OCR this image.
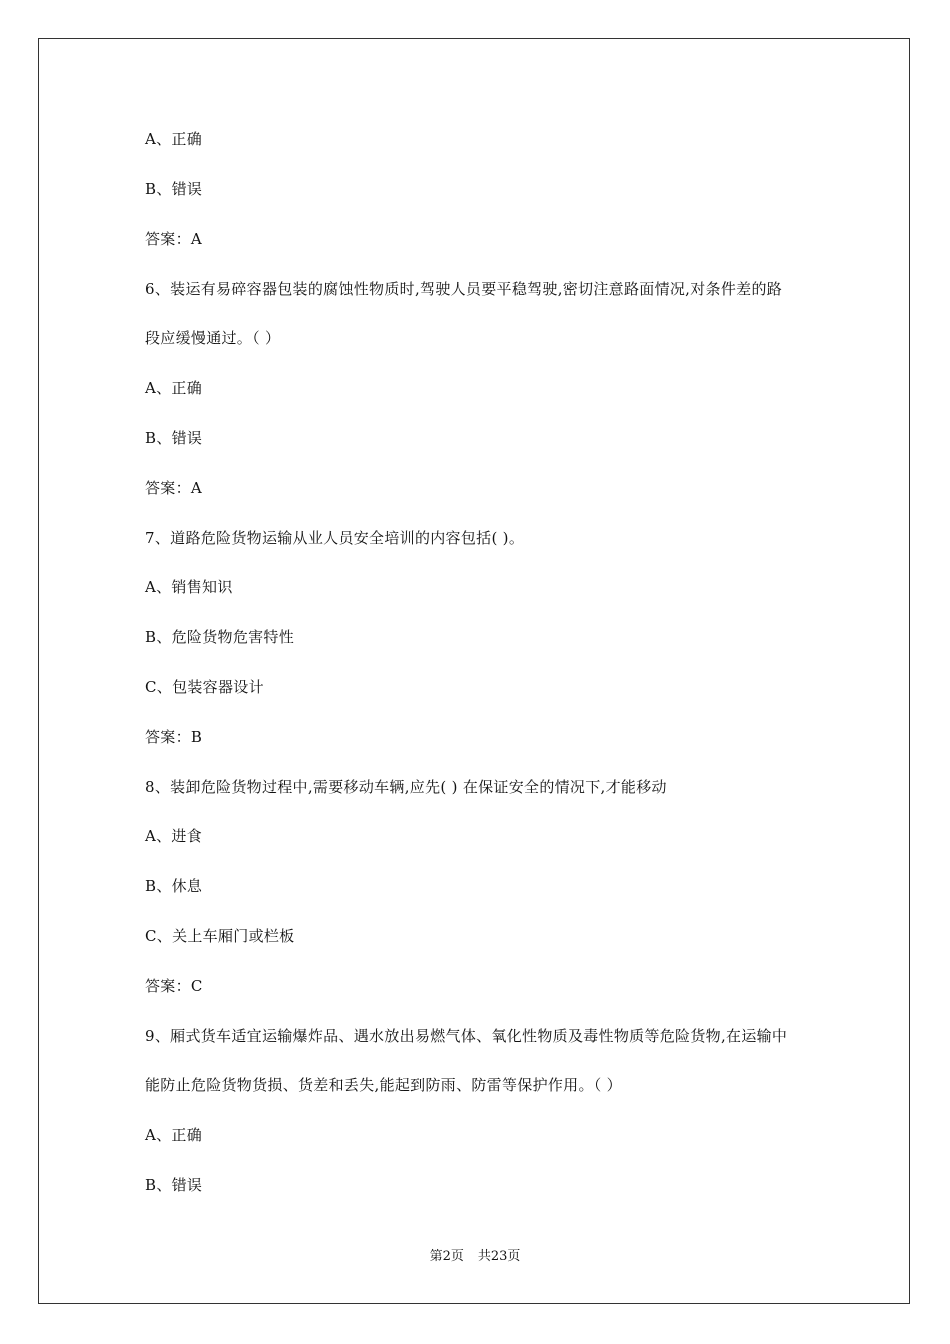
A、正确
B、错误
答案：A
6、装运有易碎容器包装的腐蚀性物质时,驾驶人员要平稳驾驶,密切注意路面情况,对条件差的路
段应缓慢通过。（ ）
A、正确
B、错误
答案：A
7、道路危险货物运输从业人员安全培训的内容包括( )。
A、销售知识
B、危险货物危害特性
C、包装容器设计
答案：B
8、装卸危险货物过程中,需要移动车辆,应先( ) 在保证安全的情况下,才能移动
A、进食
B、休息
C、关上车厢门或栏板
答案：C
9、厢式货车适宜运输爆炸品、遇水放出易燃气体、氧化性物质及毒性物质等危险货物,在运输中
能防止危险货物货损、货差和丢失,能起到防雨、防雷等保护作用。（ ）
A、正确
B、错误
第2页 共23页
